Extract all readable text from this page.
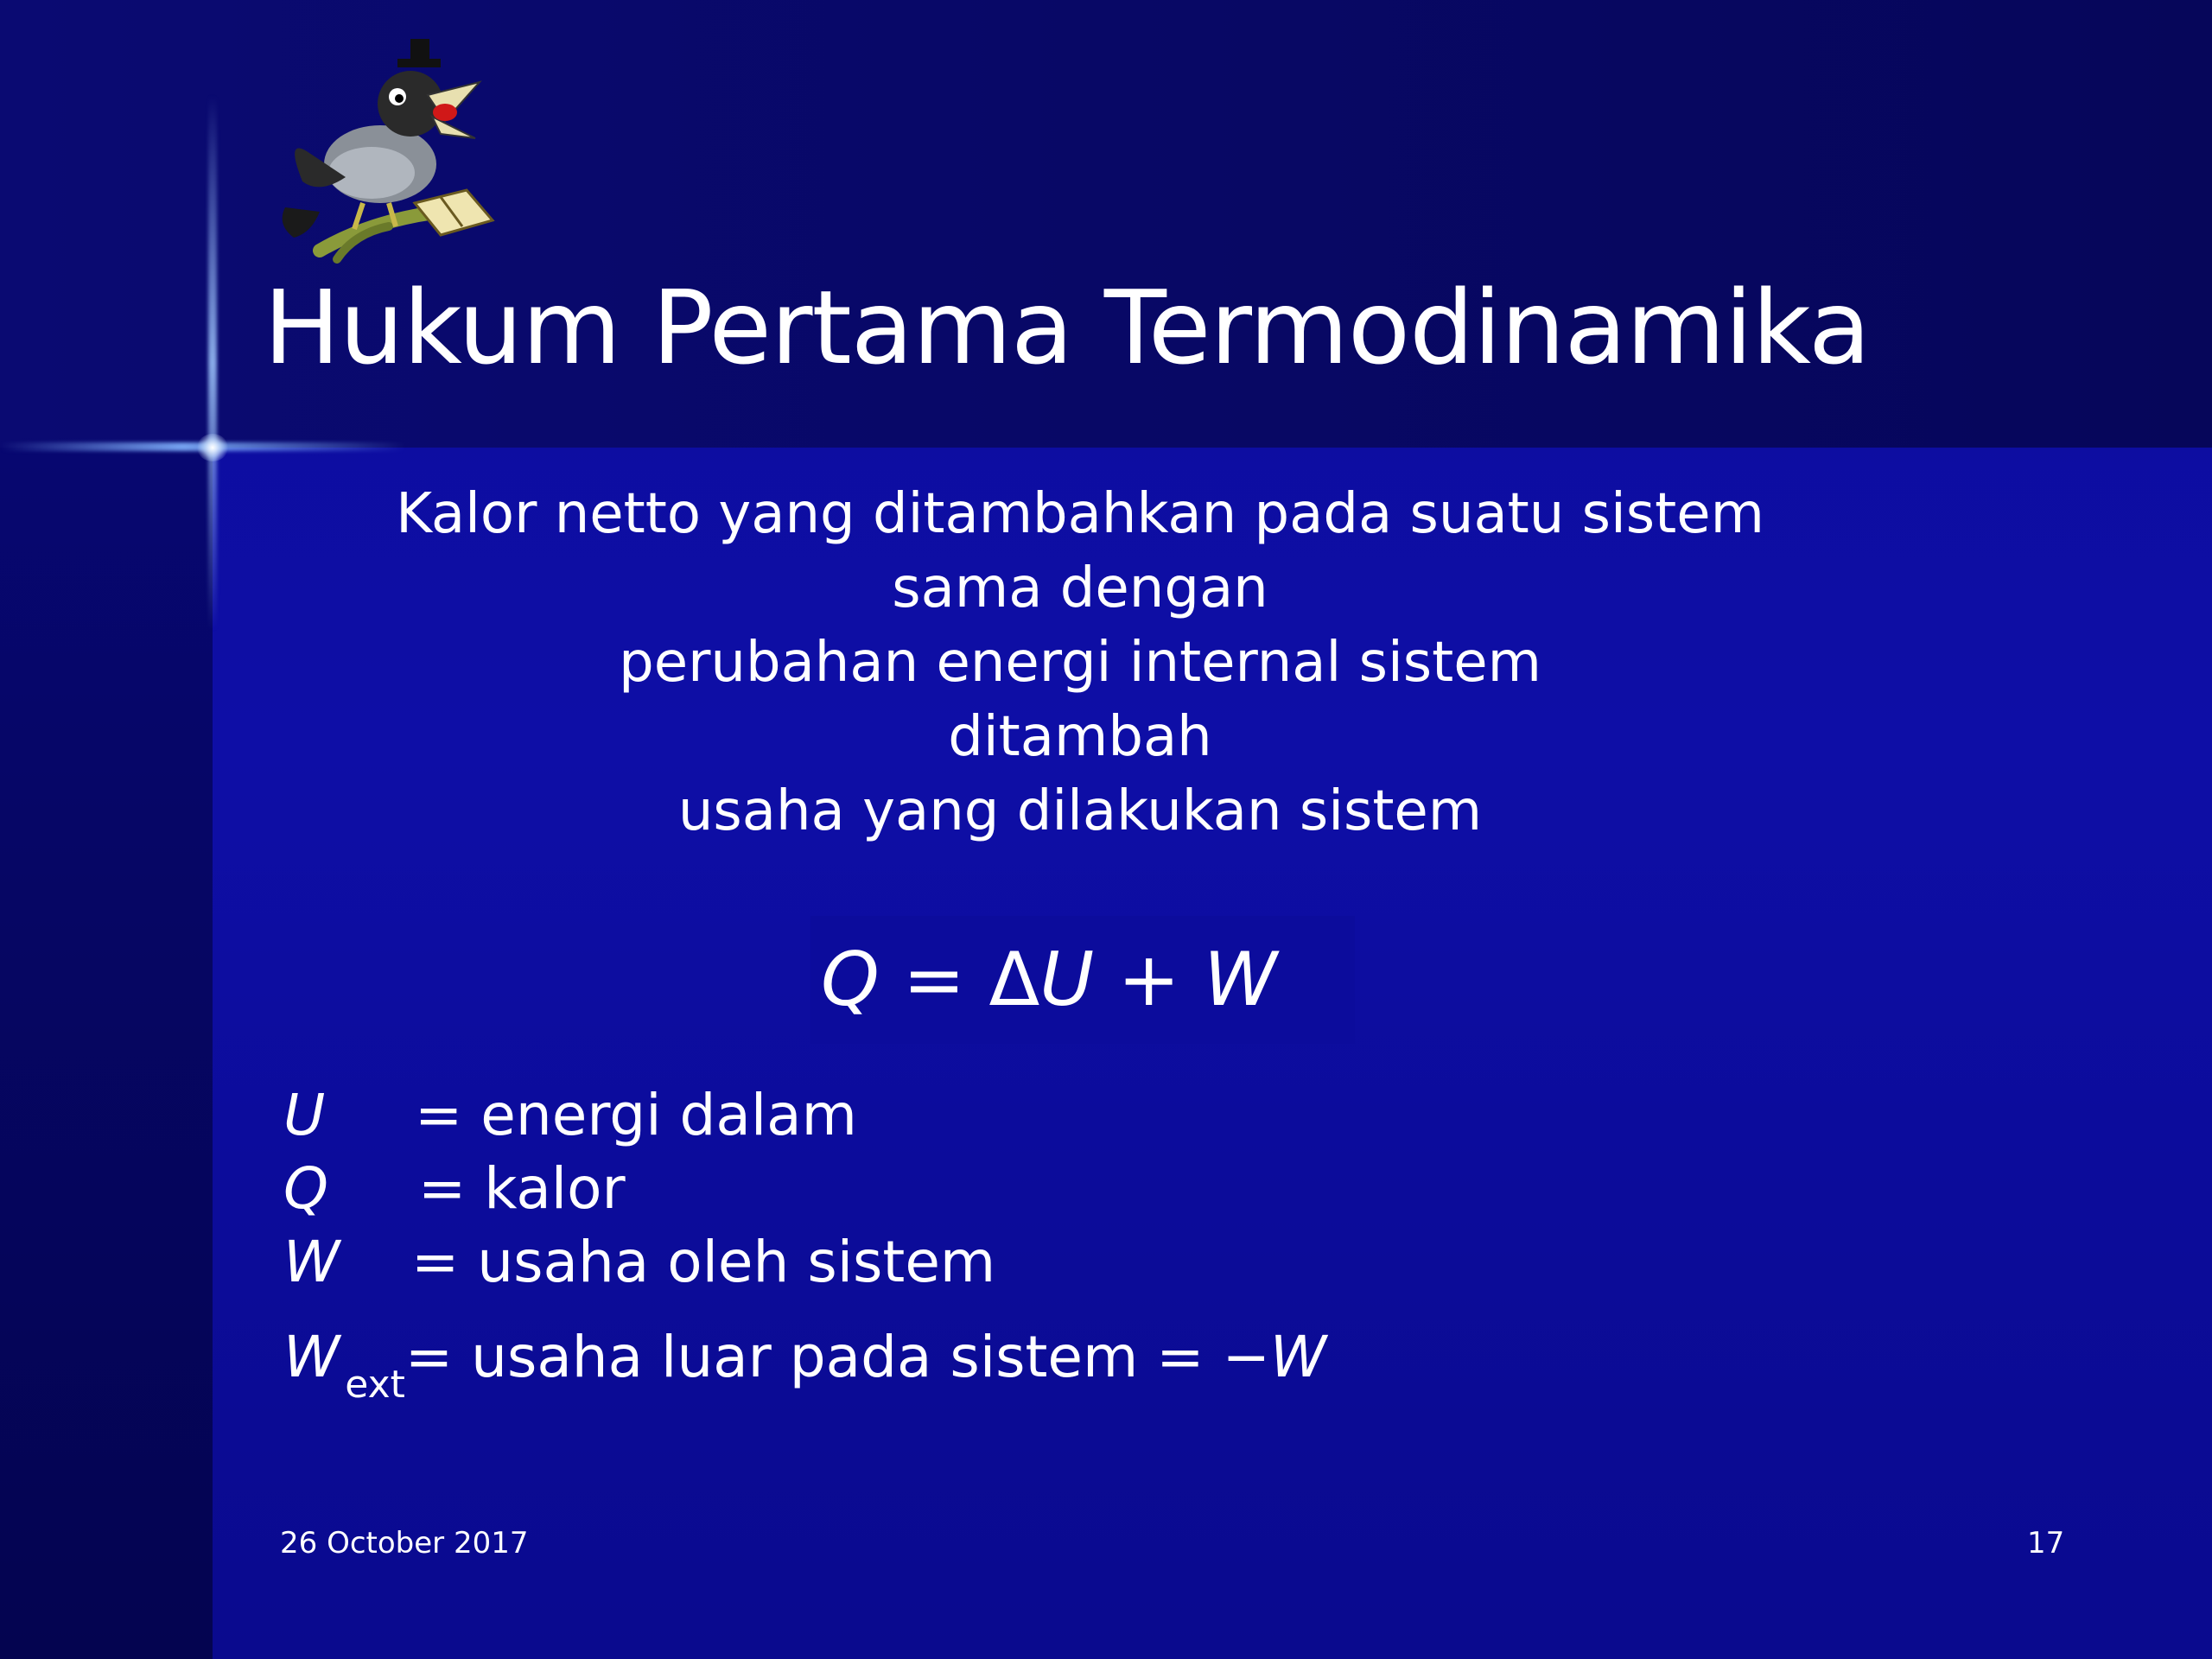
Hukum Pertama Termodinamika
Kalor netto yang ditambahkan pada suatu sistem
sama dengan
perubahan energi internal sistem
ditambah
usaha yang dilakukan sistem
Q = ΔU + W
U = energi dalam
Q = kalor
W = usaha oleh sistem
W $_{ext}$= usaha luar pada sistem = −W
26 October 2017	17
